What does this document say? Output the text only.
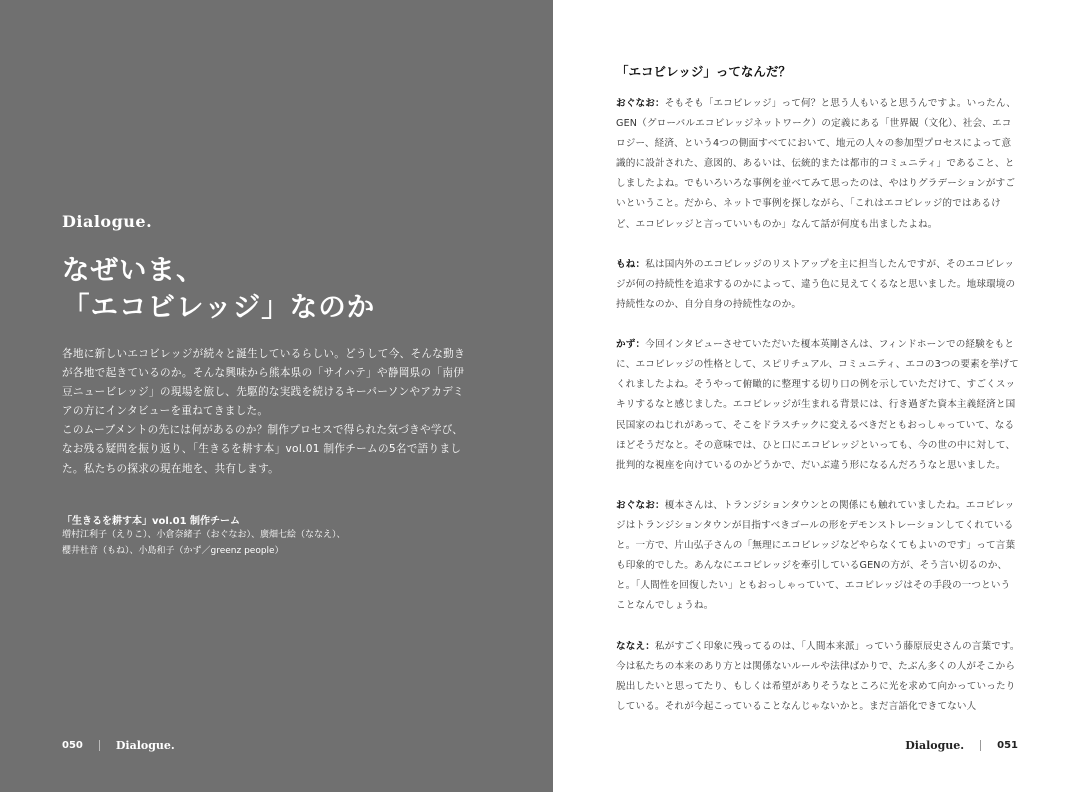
Dialogue.
なぜいま、
「エコビレッジ」なのか

各地に新しいエコビレッジが続々と誕生しているらしい。どうして今、そんな動きが各地で起きているのか。そんな興味から熊本県の「サイハテ」や静岡県の「南伊豆ニュービレッジ」の現場を旅し、先駆的な実践を続けるキーパーソンやアカデミアの方にインタビューを重ねてきました。

このムーブメントの先には何があるのか？制作プロセスで得られた気づきや学び、なお残る疑問を振り返り、「生きるを耕す本」vol.01 制作チームの5名で語りました。私たちの探求の現在地を、共有します。

「生きるを耕す本」vol.01 制作チーム
増村江利子（えりこ）、小倉奈緒子（おぐなお）、廣畑七絵（ななえ）、
櫻井杜音（もね）、小島和子（かず／greenz people）
050	Dialogue.
「エコビレッジ」ってなんだ？

おぐなお：そもそも「エコビレッジ」って何？と思う人もいると思うんですよ。いったん、GEN（グローバルエコビレッジネットワーク）の定義にある「世界観（文化）、社会、エコロジー、経済、という4つの側面すべてにおいて、地元の人々の参加型プロセスによって意識的に設計された、意図的、あるいは、伝統的または都市的コミュニティ」であること、としましたよね。でもいろいろな事例を並べてみて思ったのは、やはりグラデーションがすごいということ。だから、ネットで事例を探しながら、「これはエコビレッジ的ではあるけど、エコビレッジと言っていいものか」なんて話が何度も出ましたよね。

もね：私は国内外のエコビレッジのリストアップを主に担当したんですが、そのエコビレッジが何の持続性を追求するのかによって、違う色に見えてくるなと思いました。地球環境の持続性なのか、自分自身の持続性なのか。

かず：今回インタビューさせていただいた榎本英剛さんは、フィンドホーンでの経験をもとに、エコビレッジの性格として、スピリチュアル、コミュニティ、エコの3つの要素を挙げてくれましたよね。そうやって俯瞰的に整理する切り口の例を示していただけて、すごくスッキリするなと感じました。エコビレッジが生まれる背景には、行き過ぎた資本主義経済と国民国家のねじれがあって、そこをドラスチックに変えるべきだともおっしゃっていて、なるほどそうだなと。その意味では、ひと口にエコビレッジといっても、今の世の中に対して、批判的な視座を向けているのかどうかで、だいぶ違う形になるんだろうなと思いました。

おぐなお：榎本さんは、トランジションタウンとの関係にも触れていましたね。エコビレッジはトランジションタウンが目指すべきゴールの形をデモンストレーションしてくれていると。一方で、片山弘子さんの「無理にエコビレッジなどやらなくてもよいのです」って言葉も印象的でした。あんなにエコビレッジを牽引しているGENの方が、そう言い切るのか、と。「人間性を回復したい」ともおっしゃっていて、エコビレッジはその手段の一つということなんでしょうね。

ななえ：私がすごく印象に残ってるのは、「人間本来派」っていう藤原辰史さんの言葉です。今は私たちの本来のあり方とは関係ないルールや法律ばかりで、たぶん多くの人がそこから脱出したいと思ってたり、もしくは希望がありそうなところに光を求めて向かっていったりしている。それが今起こっていることなんじゃないかと。まだ言語化できてない人

Dialogue.	051
